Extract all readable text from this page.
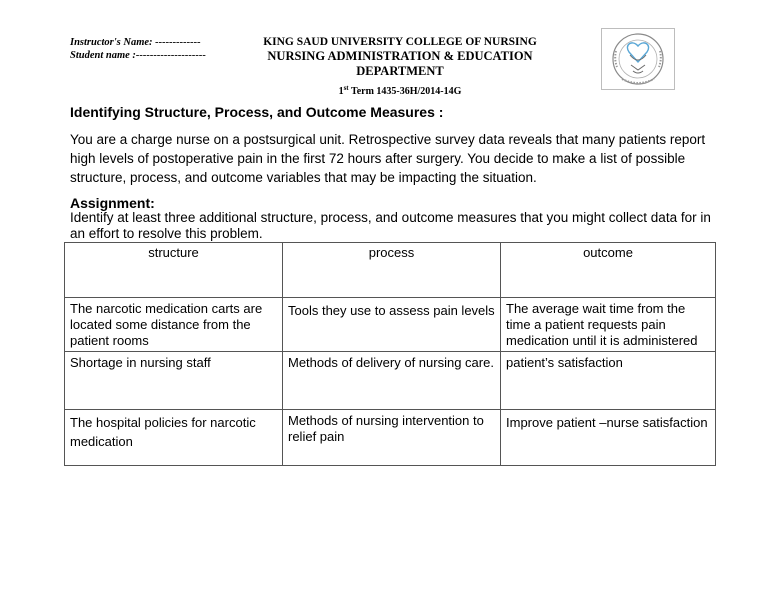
Instructor's Name: -------------
Student name :--------------------
KING SAUD UNIVERSITY COLLEGE OF NURSING
NURSING ADMINISTRATION & EDUCATION
DEPARTMENT
1st Term 1435-36H/2014-14G
Identifying Structure, Process, and Outcome Measures :
You are a charge nurse on a postsurgical unit. Retrospective survey data reveals that many patients report high levels of postoperative pain in the first 72 hours after surgery. You decide to make a list of possible structure, process, and outcome variables that may be impacting the situation.
Assignment:
Identify at least three additional structure, process, and outcome measures that you might collect data for in an effort to resolve this problem.
structure	process	outcome
The narcotic medication carts are located some distance from the patient rooms	Tools they use to assess pain levels	The average wait time from the time a patient requests pain medication until it is administered
Shortage in nursing staff	Methods of delivery of nursing care.	patient’s satisfaction
The hospital policies for narcotic medication	Methods of nursing intervention to relief pain	Improve patient –nurse satisfaction
